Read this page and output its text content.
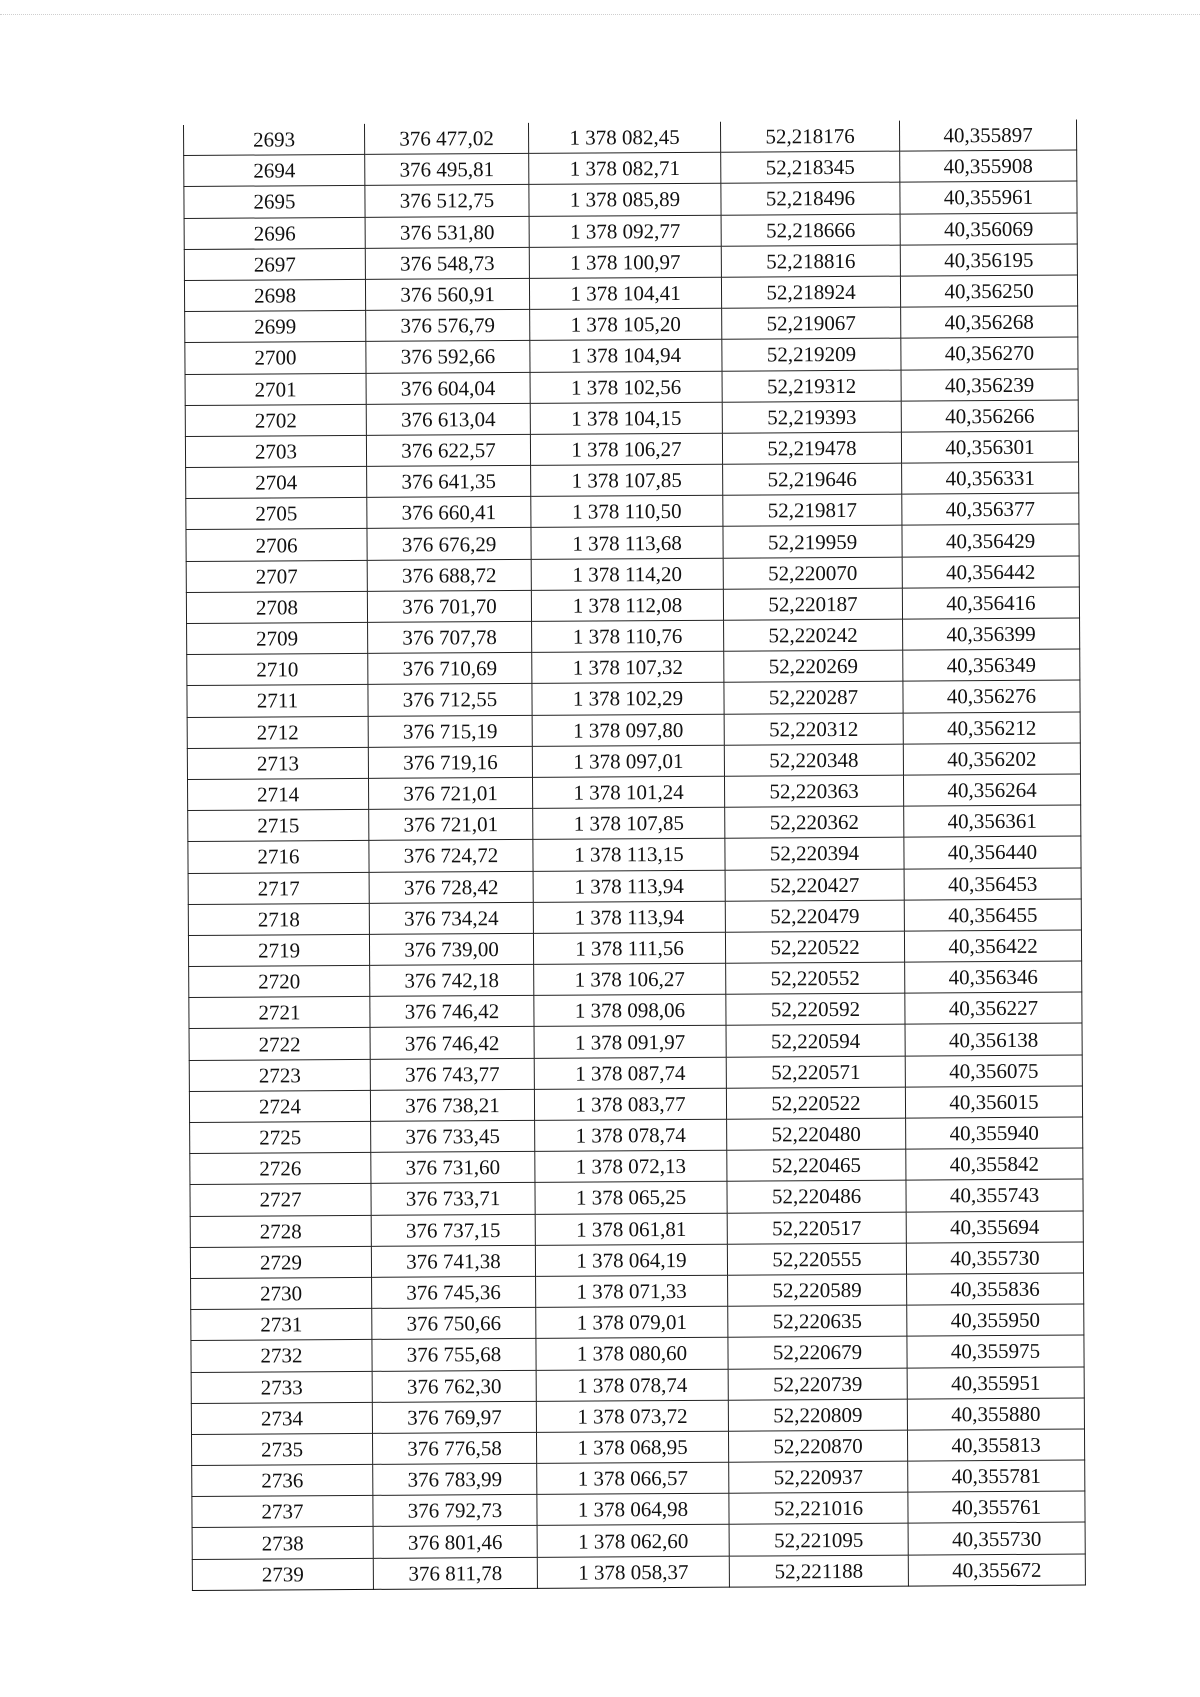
2693	376 477,02	1 378 082,45	52,218176	40,355897
2694	376 495,81	1 378 082,71	52,218345	40,355908
2695	376 512,75	1 378 085,89	52,218496	40,355961
2696	376 531,80	1 378 092,77	52,218666	40,356069
2697	376 548,73	1 378 100,97	52,218816	40,356195
2698	376 560,91	1 378 104,41	52,218924	40,356250
2699	376 576,79	1 378 105,20	52,219067	40,356268
2700	376 592,66	1 378 104,94	52,219209	40,356270
2701	376 604,04	1 378 102,56	52,219312	40,356239
2702	376 613,04	1 378 104,15	52,219393	40,356266
2703	376 622,57	1 378 106,27	52,219478	40,356301
2704	376 641,35	1 378 107,85	52,219646	40,356331
2705	376 660,41	1 378 110,50	52,219817	40,356377
2706	376 676,29	1 378 113,68	52,219959	40,356429
2707	376 688,72	1 378 114,20	52,220070	40,356442
2708	376 701,70	1 378 112,08	52,220187	40,356416
2709	376 707,78	1 378 110,76	52,220242	40,356399
2710	376 710,69	1 378 107,32	52,220269	40,356349
2711	376 712,55	1 378 102,29	52,220287	40,356276
2712	376 715,19	1 378 097,80	52,220312	40,356212
2713	376 719,16	1 378 097,01	52,220348	40,356202
2714	376 721,01	1 378 101,24	52,220363	40,356264
2715	376 721,01	1 378 107,85	52,220362	40,356361
2716	376 724,72	1 378 113,15	52,220394	40,356440
2717	376 728,42	1 378 113,94	52,220427	40,356453
2718	376 734,24	1 378 113,94	52,220479	40,356455
2719	376 739,00	1 378 111,56	52,220522	40,356422
2720	376 742,18	1 378 106,27	52,220552	40,356346
2721	376 746,42	1 378 098,06	52,220592	40,356227
2722	376 746,42	1 378 091,97	52,220594	40,356138
2723	376 743,77	1 378 087,74	52,220571	40,356075
2724	376 738,21	1 378 083,77	52,220522	40,356015
2725	376 733,45	1 378 078,74	52,220480	40,355940
2726	376 731,60	1 378 072,13	52,220465	40,355842
2727	376 733,71	1 378 065,25	52,220486	40,355743
2728	376 737,15	1 378 061,81	52,220517	40,355694
2729	376 741,38	1 378 064,19	52,220555	40,355730
2730	376 745,36	1 378 071,33	52,220589	40,355836
2731	376 750,66	1 378 079,01	52,220635	40,355950
2732	376 755,68	1 378 080,60	52,220679	40,355975
2733	376 762,30	1 378 078,74	52,220739	40,355951
2734	376 769,97	1 378 073,72	52,220809	40,355880
2735	376 776,58	1 378 068,95	52,220870	40,355813
2736	376 783,99	1 378 066,57	52,220937	40,355781
2737	376 792,73	1 378 064,98	52,221016	40,355761
2738	376 801,46	1 378 062,60	52,221095	40,355730
2739	376 811,78	1 378 058,37	52,221188	40,355672
